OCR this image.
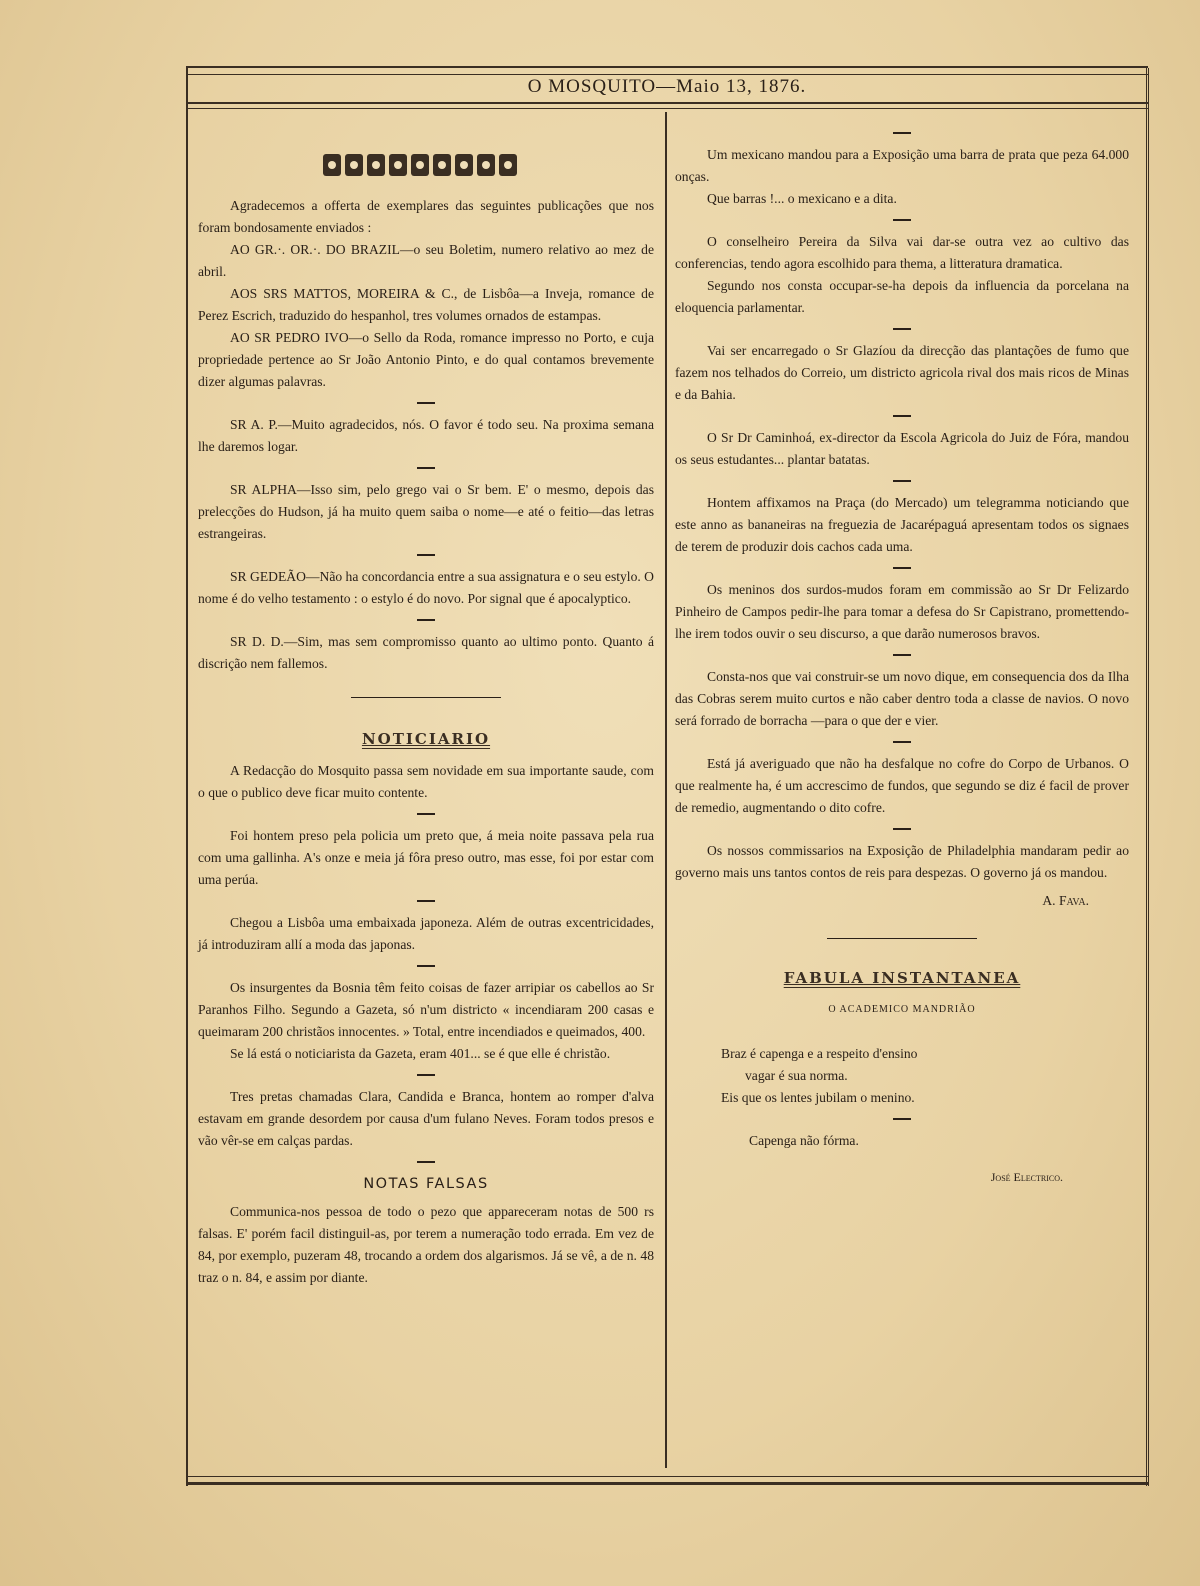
O MOSQUITO—Maio 13, 1876.

Agradecemos a offerta de exemplares das seguintes publicações que nos foram bondosamente enviados :

AO GR.·. OR.·. DO BRAZIL—o seu Boletim, numero relativo ao mez de abril.

AOS SRS MATTOS, MOREIRA & C., de Lisbôa—a Inveja, romance de Perez Escrich, traduzido do hespanhol, tres volumes ornados de estampas.

AO SR PEDRO IVO—o Sello da Roda, romance impresso no Porto, e cuja propriedade pertence ao Sr João Antonio Pinto, e do qual contamos brevemente dizer algumas palavras.

SR A. P.—Muito agradecidos, nós. O favor é todo seu. Na proxima semana lhe daremos logar.

SR ALPHA—Isso sim, pelo grego vai o Sr bem. E' o mesmo, depois das prelecções do Hudson, já ha muito quem saiba o nome—e até o feitio—das letras estrangeiras.

SR GEDEÃO—Não ha concordancia entre a sua assignatura e o seu estylo. O nome é do velho testamento : o estylo é do novo. Por signal que é apocalyptico.

SR D. D.—Sim, mas sem compromisso quanto ao ultimo ponto. Quanto á discrição nem fallemos.

NOTICIARIO

A Redacção do Mosquito passa sem novidade em sua importante saude, com o que o publico deve ficar muito contente.

Foi hontem preso pela policia um preto que, á meia noite passava pela rua com uma gallinha. A's onze e meia já fôra preso outro, mas esse, foi por estar com uma perúa.

Chegou a Lisbôa uma embaixada japoneza. Além de outras excentricidades, já introduziram allí a moda das japonas.

Os insurgentes da Bosnia têm feito coisas de fazer arripiar os cabellos ao Sr Paranhos Filho. Segundo a Gazeta, só n'um districto « incendiaram 200 casas e queimaram 200 christãos innocentes. » Total, entre incendiados e queimados, 400.

Se lá está o noticiarista da Gazeta, eram 401... se é que elle é christão.

Tres pretas chamadas Clara, Candida e Branca, hontem ao romper d'alva estavam em grande desordem por causa d'um fulano Neves. Foram todos presos e vão vêr-se em calças pardas.

NOTAS FALSAS

Communica-nos pessoa de todo o pezo que appareceram notas de 500 rs falsas. E' porém facil distinguil-as, por terem a numeração todo errada. Em vez de 84, por exemplo, puzeram 48, trocando a ordem dos algarismos. Já se vê, a de n. 48 traz o n. 84, e assim por diante.

Um mexicano mandou para a Exposição uma barra de prata que peza 64.000 onças.

Que barras !... o mexicano e a dita.

O conselheiro Pereira da Silva vai dar-se outra vez ao cultivo das conferencias, tendo agora escolhido para thema, a litteratura dramatica.

Segundo nos consta occupar-se-ha depois da influencia da porcelana na eloquencia parlamentar.

Vai ser encarregado o Sr Glazíou da direcção das plantações de fumo que fazem nos telhados do Correio, um districto agricola rival dos mais ricos de Minas e da Bahia.

O Sr Dr Caminhoá, ex-director da Escola Agricola do Juiz de Fóra, mandou os seus estudantes... plantar batatas.

Hontem affixamos na Praça (do Mercado) um telegramma noticiando que este anno as bananeiras na freguezia de Jacarépaguá apresentam todos os signaes de terem de produzir dois cachos cada uma.

Os meninos dos surdos-mudos foram em commissão ao Sr Dr Felizardo Pinheiro de Campos pedir-lhe para tomar a defesa do Sr Capistrano, promettendo-lhe irem todos ouvir o seu discurso, a que darão numerosos bravos.

Consta-nos que vai construir-se um novo dique, em consequencia dos da Ilha das Cobras serem muito curtos e não caber dentro toda a classe de navios. O novo será forrado de borracha —para o que der e vier.

Está já averiguado que não ha desfalque no cofre do Corpo de Urbanos. O que realmente ha, é um accrescimo de fundos, que segundo se diz é facil de prover de remedio, augmentando o dito cofre.

Os nossos commissarios na Exposição de Philadelphia mandaram pedir ao governo mais uns tantos contos de reis para despezas. O governo já os mandou.

A. Fava.
FABULA INSTANTANEA
O ACADEMICO MANDRIÃO

Braz é capenga e a respeito d'ensino

vagar é sua norma.

Eis que os lentes jubilam o menino.

Capenga não fórma.
José Electrico.
